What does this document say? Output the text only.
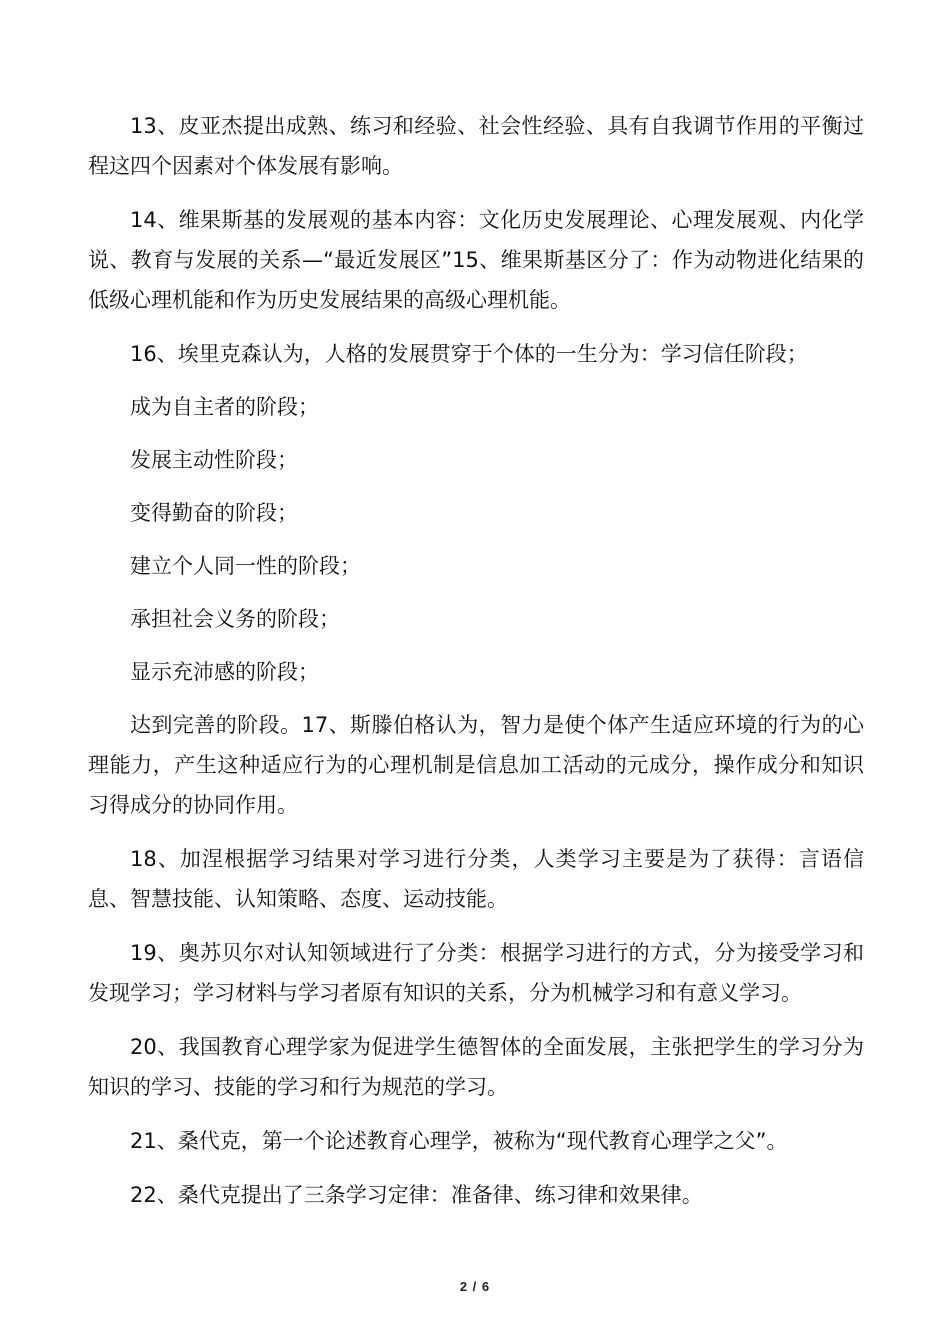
13、皮亚杰提出成熟、练习和经验、社会性经验、具有自我调节作用的平衡过程这四个因素对个体发展有影响。

14、维果斯基的发展观的基本内容：文化历史发展理论、心理发展观、内化学说、教育与发展的关系—“最近发展区”15、维果斯基区分了：作为动物进化结果的低级心理机能和作为历史发展结果的高级心理机能。

16、埃里克森认为，人格的发展贯穿于个体的一生分为：学习信任阶段；

成为自主者的阶段；

发展主动性阶段；

变得勤奋的阶段；

建立个人同一性的阶段；

承担社会义务的阶段；

显示充沛感的阶段；

达到完善的阶段。17、斯滕伯格认为，智力是使个体产生适应环境的行为的心理能力，产生这种适应行为的心理机制是信息加工活动的元成分，操作成分和知识习得成分的协同作用。

18、加涅根据学习结果对学习进行分类，人类学习主要是为了获得：言语信息、智慧技能、认知策略、态度、运动技能。

19、奥苏贝尔对认知领域进行了分类：根据学习进行的方式，分为接受学习和发现学习；学习材料与学习者原有知识的关系，分为机械学习和有意义学习。

20、我国教育心理学家为促进学生德智体的全面发展，主张把学生的学习分为知识的学习、技能的学习和行为规范的学习。

21、桑代克，第一个论述教育心理学，被称为“现代教育心理学之父”。

22、桑代克提出了三条学习定律：准备律、练习律和效果律。

2 / 6
